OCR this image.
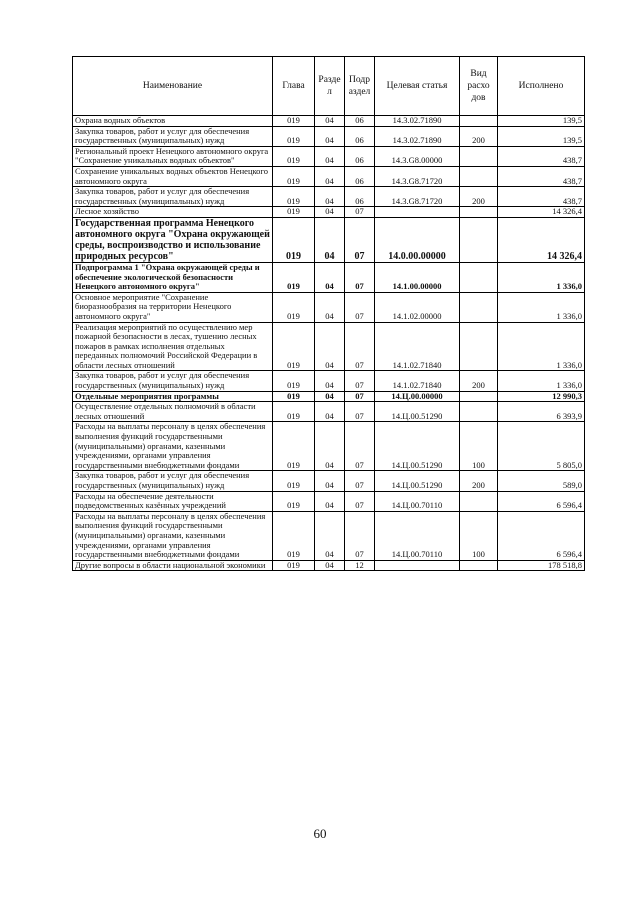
Наименование	Глава	Разде л	Подр аздел	Целевая статья	Вид расхо дов	Исполнено
Охрана водных объектов	019	04	06	14.3.02.71890		139,5
Закупка товаров, работ и услуг для обеспечения государственных (муниципальных) нужд	019	04	06	14.3.02.71890	200	139,5
Региональный проект Ненецкого автономного округа "Сохранение уникальных водных объектов"	019	04	06	14.3.G8.00000		438,7
Сохранение уникальных водных объектов Ненецкого автономного округа	019	04	06	14.3.G8.71720		438,7
Закупка товаров, работ и услуг для обеспечения государственных (муниципальных) нужд	019	04	06	14.3.G8.71720	200	438,7
Лесное хозяйство	019	04	07			14 326,4
Государственная программа Ненецкого автономного округа "Охрана окружающей среды, воспроизводство и использование природных ресурсов"	019	04	07	14.0.00.00000		14 326,4
Подпрограмма 1 "Охрана окружающей среды и обеспечение экологической безопасности Ненецкого автономного округа"	019	04	07	14.1.00.00000		1 336,0
Основное мероприятие "Сохранение биоразнообразия на территории Ненецкого автономного округа"	019	04	07	14.1.02.00000		1 336,0
Реализация мероприятий по осуществлению мер пожарной безопасности в лесах, тушению лесных пожаров в рамках исполнения отдельных переданных полномочий Российской Федерации в области лесных отношений	019	04	07	14.1.02.71840		1 336,0
Закупка товаров, работ и услуг для обеспечения государственных (муниципальных) нужд	019	04	07	14.1.02.71840	200	1 336,0
Отдельные мероприятия программы	019	04	07	14.Ц.00.00000		12 990,3
Осуществление отдельных полномочий в области лесных отношений	019	04	07	14.Ц.00.51290		6 393,9
Расходы на выплаты персоналу в целях обеспечения выполнения функций государственными (муниципальными) органами, казенными учреждениями, органами управления государственными внебюджетными фондами	019	04	07	14.Ц.00.51290	100	5 805,0
Закупка товаров, работ и услуг для обеспечения государственных (муниципальных) нужд	019	04	07	14.Ц.00.51290	200	589,0
Расходы на обеспечение деятельности подведомственных казённых учреждений	019	04	07	14.Ц.00.70110		6 596,4
Расходы на выплаты персоналу в целях обеспечения выполнения функций государственными (муниципальными) органами, казенными учреждениями, органами управления государственными внебюджетными фондами	019	04	07	14.Ц.00.70110	100	6 596,4
Другие вопросы в области национальной экономики	019	04	12			178 518,8
60
